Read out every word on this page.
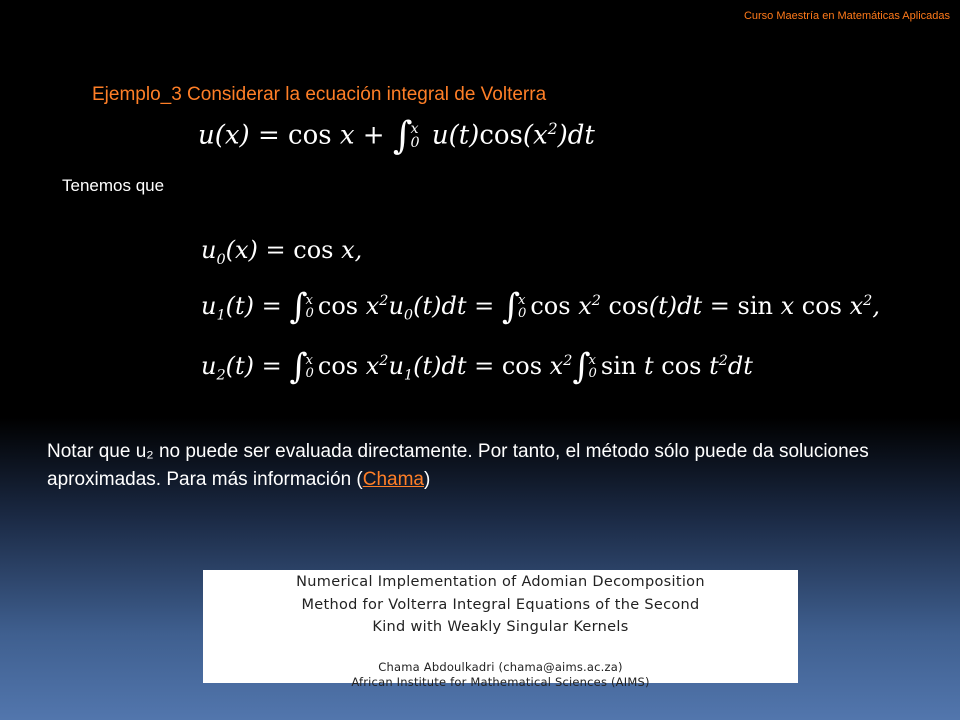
Curso Maestría en Matemáticas Aplicadas
Ejemplo_3 Considerar la ecuación integral de Volterra
u(x) = cos x + ∫
x
0 $u(t)\cos(x^2)dt$
Tenemos que
$u_0(x) = \cos x$,
$u_1(t)$ = ∫
x
0 $\cos x^2u_0(t)dt$ = ∫
x
0 $\cos x^2$ cos(t)dt = sin x $\cos x^2$,
$u_2(t)$ = ∫
x
0 $\cos x^2u_1(t)dt = \cos x^2\int$
x
0 sin t $\cos t^2dt$
Notar que u₂ no puede ser evaluada directamente. Por tanto, el método sólo puede da soluciones aproximadas. Para más información (Chama)
Numerical Implementation of Adomian Decomposition
Method for Volterra Integral Equations of the Second
Kind with Weakly Singular Kernels
Chama Abdoulkadri (chama@aims.ac.za)
African Institute for Mathematical Sciences (AIMS)
